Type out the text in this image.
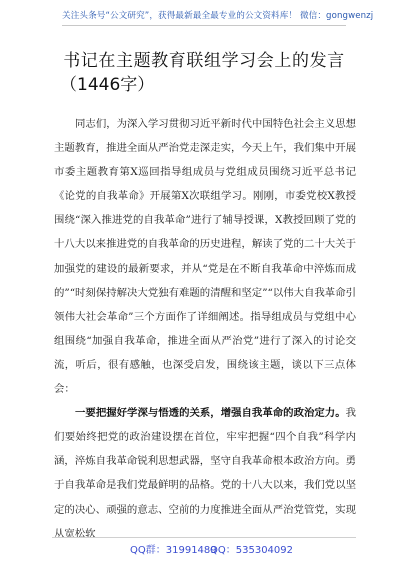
关注头条号“公文研究”，获得最新最全最专业的公文资料库！ 微信：gongwenzj
书记在主题教育联组学习会上的发言
（1446字）

同志们，为深入学习贯彻习近平新时代中国特色社会主义思想主题教育，推进全面从严治党走深走实，今天上午，我们集中开展市委主题教育第X巡回指导组成员与党组成员围绕习近平总书记《论党的自我革命》开展第X次联组学习。刚刚，市委党校X教授围绕“深入推进党的自我革命”进行了辅导授课，X教授回顾了党的十八大以来推进党的自我革命的历史进程，解读了党的二十大关于加强党的建设的最新要求，并从“党是在不断自我革命中淬炼而成的”“时刻保持解决大党独有难题的清醒和坚定”“以伟大自我革命引领伟大社会革命”三个方面作了详细阐述。指导组成员与党组中心组围绕“加强自我革命，推进全面从严治党”进行了深入的讨论交流，听后，很有感触，也深受启发，围绕该主题，谈以下三点体会：

一要把握好学深与悟透的关系，增强自我革命的政治定力。我们要始终把党的政治建设摆在首位，牢牢把握“四个自我”科学内涵，淬炼自我革命锐利思想武器，坚守自我革命根本政治方向。勇于自我革命是我们党最鲜明的品格。党的十八大以来，我们党以坚定的决心、顽强的意志、空前的力度推进全面从严治党管党，实现从宽松软

QQ群：31991489
QQ：535304092
